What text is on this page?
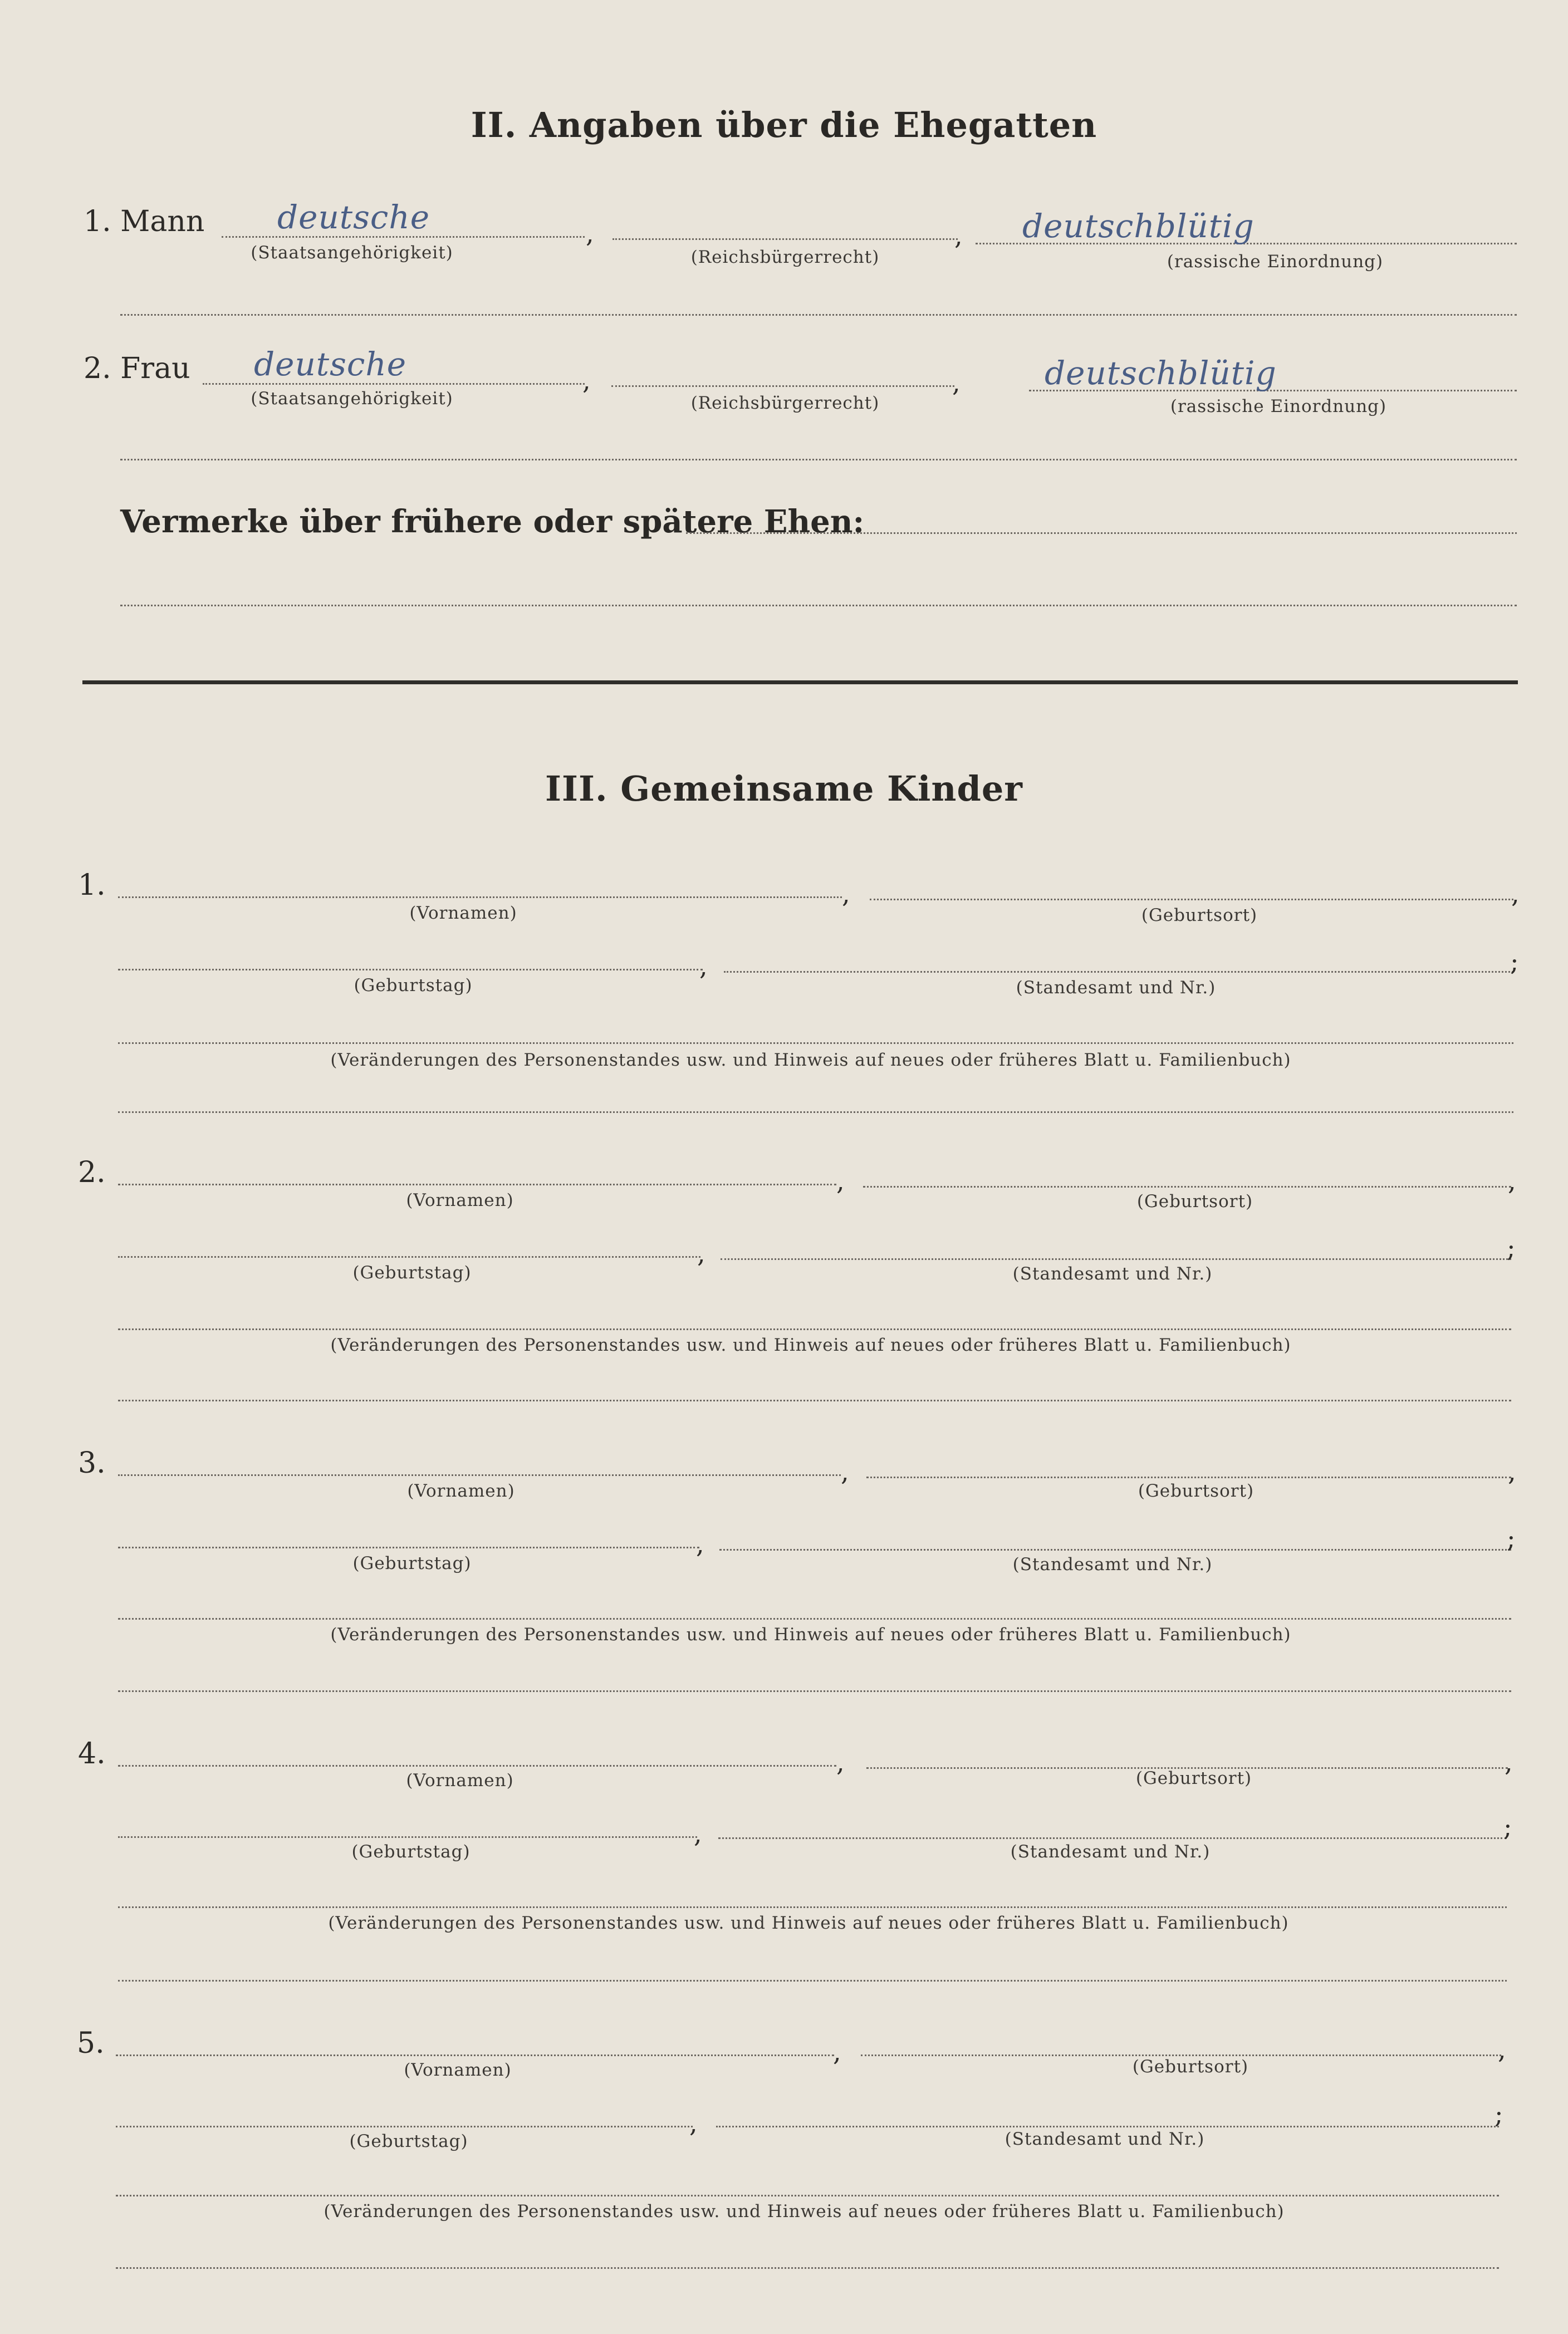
II. Angaben über die Ehegatten
1. Mann deutsche	,	, deutschblütig
(Staatsangehörigkeit)	(Reichsbürgerrecht)	(rassische Einordnung)
2. Frau deutsche	,	,	deutschblütig
(Staatsangehörigkeit)	(Reichsbürgerrecht)	(rassische Einordnung)
Vermerke über frühere oder spätere Ehen:
III. Gemeinsame Kinder
1.	,	,
(Vornamen)	(Geburtsort)
,	;
(Geburtstag)	(Standesamt und Nr.)
(Veränderungen des Personenstandes usw. und Hinweis auf neues oder früheres Blatt u. Familienbuch)
2.	,	,
(Vornamen)	(Geburtsort)
,	;
(Geburtstag)	(Standesamt und Nr.)
(Veränderungen des Personenstandes usw. und Hinweis auf neues oder früheres Blatt u. Familienbuch)
3.	,	,
(Vornamen)	(Geburtsort)
,	;
(Geburtstag)	(Standesamt und Nr.)
(Veränderungen des Personenstandes usw. und Hinweis auf neues oder früheres Blatt u. Familienbuch)
4.	,	,
(Vornamen)	(Geburtsort)
,	;
(Geburtstag)	(Standesamt und Nr.)
(Veränderungen des Personenstandes usw. und Hinweis auf neues oder früheres Blatt u. Familienbuch)
5.	,	,
(Vornamen)	(Geburtsort)
,	;
(Geburtstag)	(Standesamt und Nr.)
(Veränderungen des Personenstandes usw. und Hinweis auf neues oder früheres Blatt u. Familienbuch)
